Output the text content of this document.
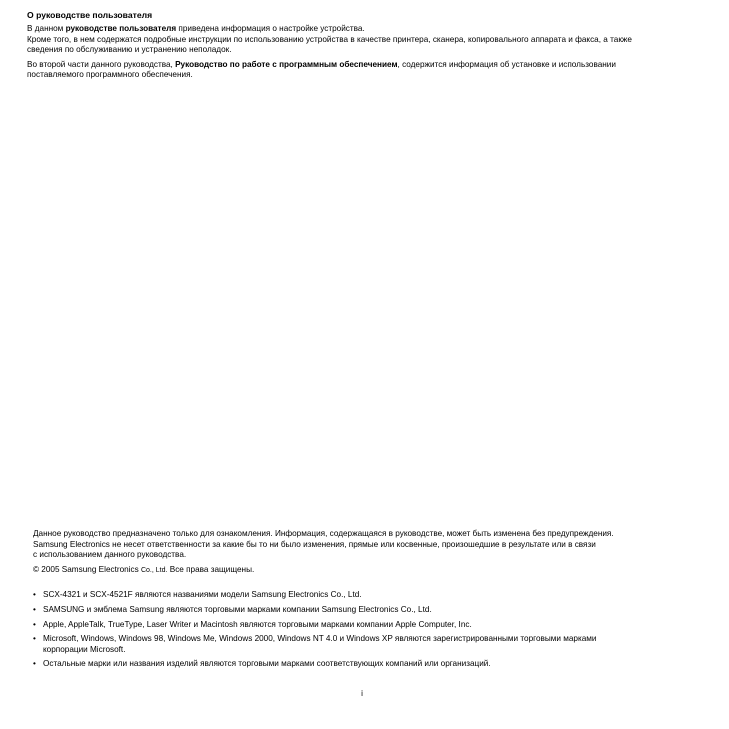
О руководстве пользователя

В данном руководстве пользователя приведена информация о настройке устройства.
Кроме того, в нем содержатся подробные инструкции по использованию устройства в качестве принтера, сканера, копировального аппарата и факса, а также
сведения по обслуживанию и устранению неполадок.

Во второй части данного руководства, Руководство по работе с программным обеспечением, содержится информация об установке и использовании
поставляемого программного обеспечения.

Данное руководство предназначено только для ознакомления. Информация, содержащаяся в руководстве, может быть изменена без предупреждения.
Samsung Electronics не несет ответственности за какие бы то ни было изменения, прямые или косвенные, произошедшие в результате или в связи
с использованием данного руководства.

© 2005 Samsung Electronics Co., Ltd. Все права защищены.

• SCX-4321 и SCX-4521F являются названиями модели Samsung Electronics Co., Ltd.
• SAMSUNG и эмблема Samsung являются торговыми марками компании Samsung Electronics Co., Ltd.
• Apple, AppleTalk, TrueType, Laser Writer и Macintosh являются торговыми марками компании Apple Computer, Inc.
• Microsoft, Windows, Windows 98, Windows Me, Windows 2000, Windows NT 4.0 и Windows XP являются зарегистрированными торговыми марками
корпорации Microsoft.
• Остальные марки или названия изделий являются торговыми марками соответствующих компаний или организаций.
i
